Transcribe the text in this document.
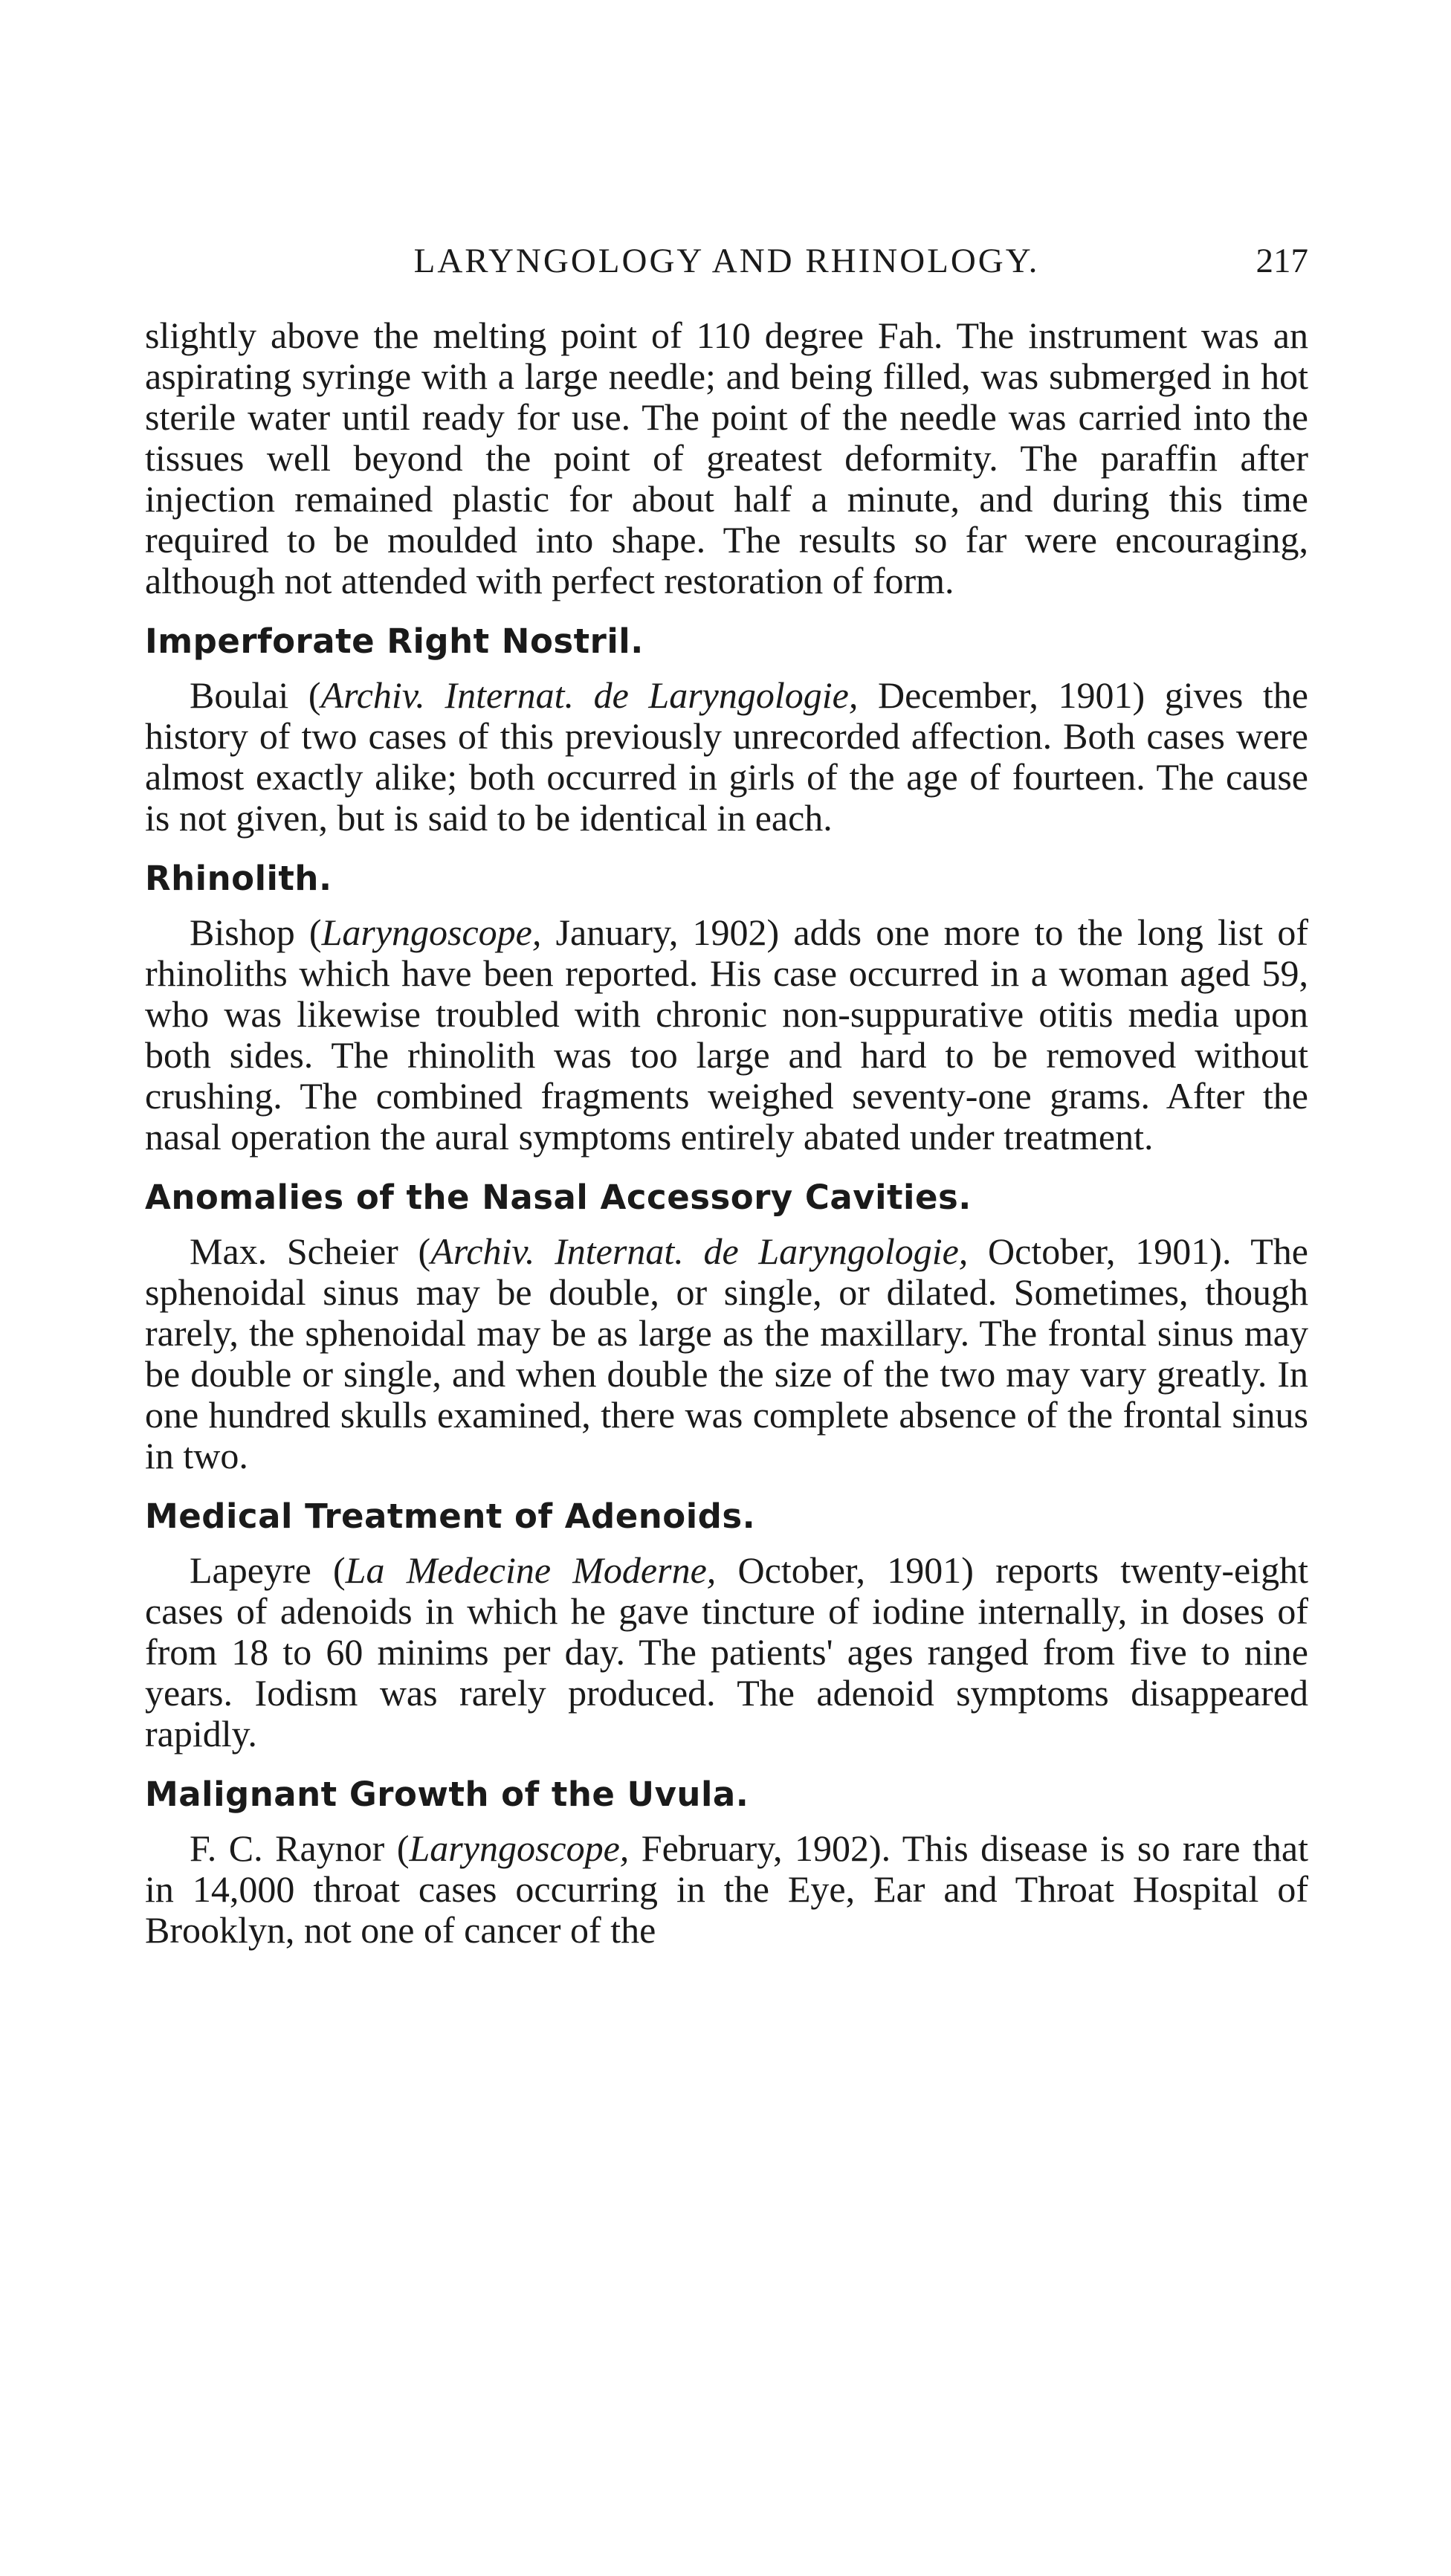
LARYNGOLOGY AND RHINOLOGY.	217

slightly above the melting point of 110 degree Fah. The instrument was an aspirating syringe with a large needle; and being filled, was submerged in hot sterile water until ready for use. The point of the needle was carried into the tissues well beyond the point of greatest deformity. The paraffin after injection remained plastic for about half a minute, and during this time required to be moulded into shape. The results so far were encouraging, although not attended with perfect restoration of form.

Imperforate Right Nostril.

Boulai (Archiv. Internat. de Laryngologie, December, 1901) gives the history of two cases of this previously unrecorded affection. Both cases were almost exactly alike; both occurred in girls of the age of fourteen. The cause is not given, but is said to be identical in each.

Rhinolith.

Bishop (Laryngoscope, January, 1902) adds one more to the long list of rhinoliths which have been reported. His case occurred in a woman aged 59, who was likewise troubled with chronic non-suppurative otitis media upon both sides. The rhinolith was too large and hard to be removed without crushing. The combined fragments weighed seventy-one grams. After the nasal operation the aural symptoms entirely abated under treatment.

Anomalies of the Nasal Accessory Cavities.

Max. Scheier (Archiv. Internat. de Laryngologie, October, 1901). The sphenoidal sinus may be double, or single, or dilated. Sometimes, though rarely, the sphenoidal may be as large as the maxillary. The frontal sinus may be double or single, and when double the size of the two may vary greatly. In one hundred skulls examined, there was complete absence of the frontal sinus in two.

Medical Treatment of Adenoids.

Lapeyre (La Medecine Moderne, October, 1901) reports twenty-eight cases of adenoids in which he gave tincture of iodine internally, in doses of from 18 to 60 minims per day. The patients' ages ranged from five to nine years. Iodism was rarely produced. The adenoid symptoms disappeared rapidly.

Malignant Growth of the Uvula.

F. C. Raynor (Laryngoscope, February, 1902). This disease is so rare that in 14,000 throat cases occurring in the Eye, Ear and Throat Hospital of Brooklyn, not one of cancer of the
